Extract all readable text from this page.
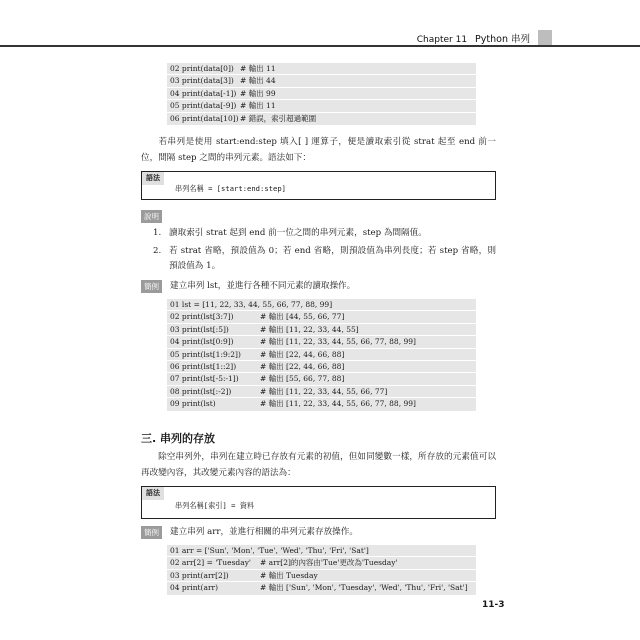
Chapter 11 Python 串列
02 print(data[0]) # 輸出 11
03 print(data[3]) # 輸出 44
04 print(data[-1]) # 輸出 99
05 print(data[-9]) # 輸出 11
06 print(data[10]) # 錯誤，索引超過範圍
若串列是使用 start:end:step 填入[ ] 運算子，便是讀取索引從 strat 起至 end 前一位，間隔 step 之間的串列元素。語法如下：
語法
串列名稱 = [start:end:step]
說明
1. 讀取索引 strat 起到 end 前一位之間的串列元素，step 為間隔值。
2. 若 strat 省略，預設值為 0；若 end 省略，則預設值為串列長度；若 step 省略，則預設值為 1。
簡例	建立串列 lst，並進行各種不同元素的讀取操作。
01 lst = [11, 22, 33, 44, 55, 66, 77, 88, 99]
02 print(lst[3:7])	# 輸出 [44, 55, 66, 77]
03 print(lst[:5])	# 輸出 [11, 22, 33, 44, 55]
04 print(lst[0:9])	# 輸出 [11, 22, 33, 44, 55, 66, 77, 88, 99]
05 print(lst[1:9:2])	# 輸出 [22, 44, 66, 88]
06 print(lst[1::2])	# 輸出 [22, 44, 66, 88]
07 print(lst[-5:-1])	# 輸出 [55, 66, 77, 88]
08 print(lst[:-2])	# 輸出 [11, 22, 33, 44, 55, 66, 77]
09 print(lst)	# 輸出 [11, 22, 33, 44, 55, 66, 77, 88, 99]
三. 串列的存放
除空串列外，串列在建立時已存放有元素的初值，但如同變數一樣，所存放的元素值可以再改變內容，其改變元素內容的語法為：
語法
串列名稱[索引] = 資料
簡例	建立串列 arr，並進行相關的串列元素存放操作。
01 arr = ['Sun', 'Mon', 'Tue', 'Wed', 'Thu', 'Fri', 'Sat']
02 arr[2] = 'Tuesday' # arr[2]的內容由'Tue'更改為'Tuesday'
03 print(arr[2])	# 輸出 Tuesday
04 print(arr)	# 輸出 ['Sun', 'Mon', 'Tuesday', 'Wed', 'Thu', 'Fri', 'Sat']
11-3
